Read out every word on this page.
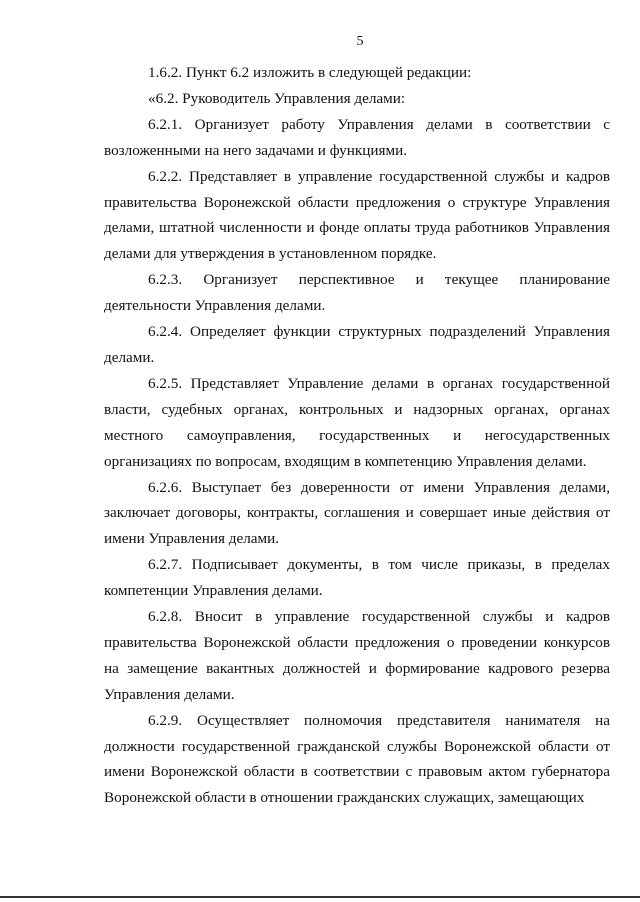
5

1.6.2. Пункт 6.2 изложить в следующей редакции:

«6.2. Руководитель Управления делами:

6.2.1. Организует работу Управления делами в соответствии с возложенными на него задачами и функциями.

6.2.2. Представляет в управление государственной службы и кадров правительства Воронежской области предложения о структуре Управления делами, штатной численности и фонде оплаты труда работников Управления делами для утверждения в установленном порядке.

6.2.3. Организует перспективное и текущее планирование деятельности Управления делами.

6.2.4. Определяет функции структурных подразделений Управления делами.

6.2.5. Представляет Управление делами в органах государственной власти, судебных органах, контрольных и надзорных органах, органах местного самоуправления, государственных и негосударственных организациях по вопросам, входящим в компетенцию Управления делами.

6.2.6. Выступает без доверенности от имени Управления делами, заключает договоры, контракты, соглашения и совершает иные действия от имени Управления делами.

6.2.7. Подписывает документы, в том числе приказы, в пределах компетенции Управления делами.

6.2.8. Вносит в управление государственной службы и кадров правительства Воронежской области предложения о проведении конкурсов на замещение вакантных должностей и формирование кадрового резерва Управления делами.

6.2.9. Осуществляет полномочия представителя нанимателя на должности государственной гражданской службы Воронежской области от имени Воронежской области в соответствии с правовым актом губернатора Воронежской области в отношении гражданских служащих, замещающих
